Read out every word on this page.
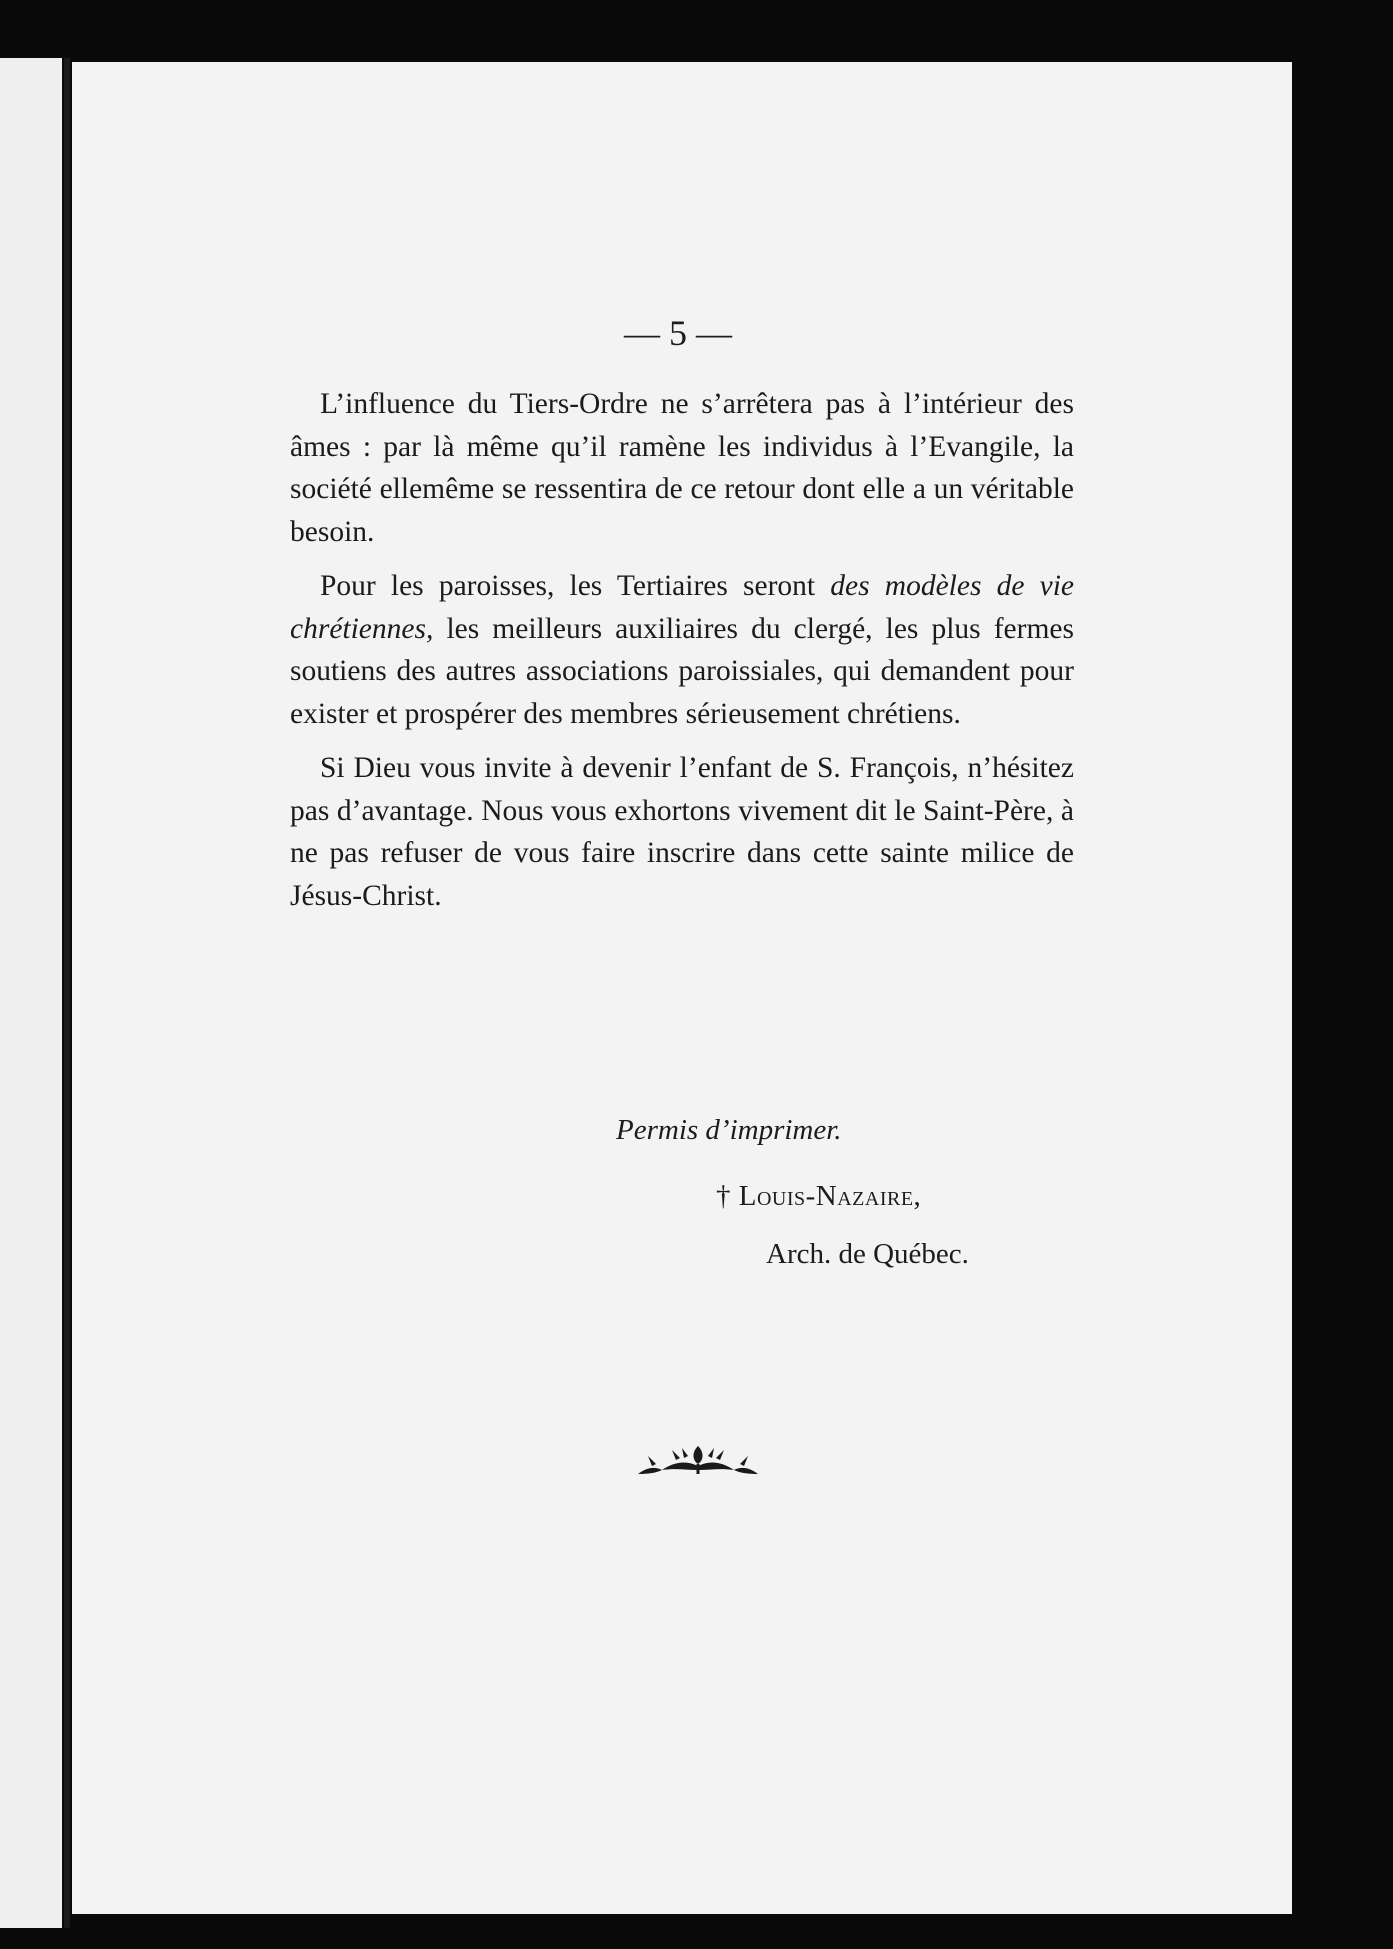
— 5 —

L’influence du Tiers-Ordre ne s’arrêtera pas à l’intérieur des âmes : par là même qu’il ramène les individus à l’Evangile, la société ellemême se ressentira de ce retour dont elle a un véritable besoin.

Pour les paroisses, les Tertiaires seront des modèles de vie chrétiennes, les meilleurs auxiliaires du clergé, les plus fermes soutiens des autres associations paroissiales, qui demandent pour exister et prospérer des membres sérieusement chrétiens.

Si Dieu vous invite à devenir l’enfant de S. François, n’hésitez pas d’avantage. Nous vous exhortons vivement dit le Saint-Père, à ne pas refuser de vous faire inscrire dans cette sainte milice de Jésus-Christ.

Permis d’imprimer.
† Louis-Nazaire,
Arch. de Québec.
